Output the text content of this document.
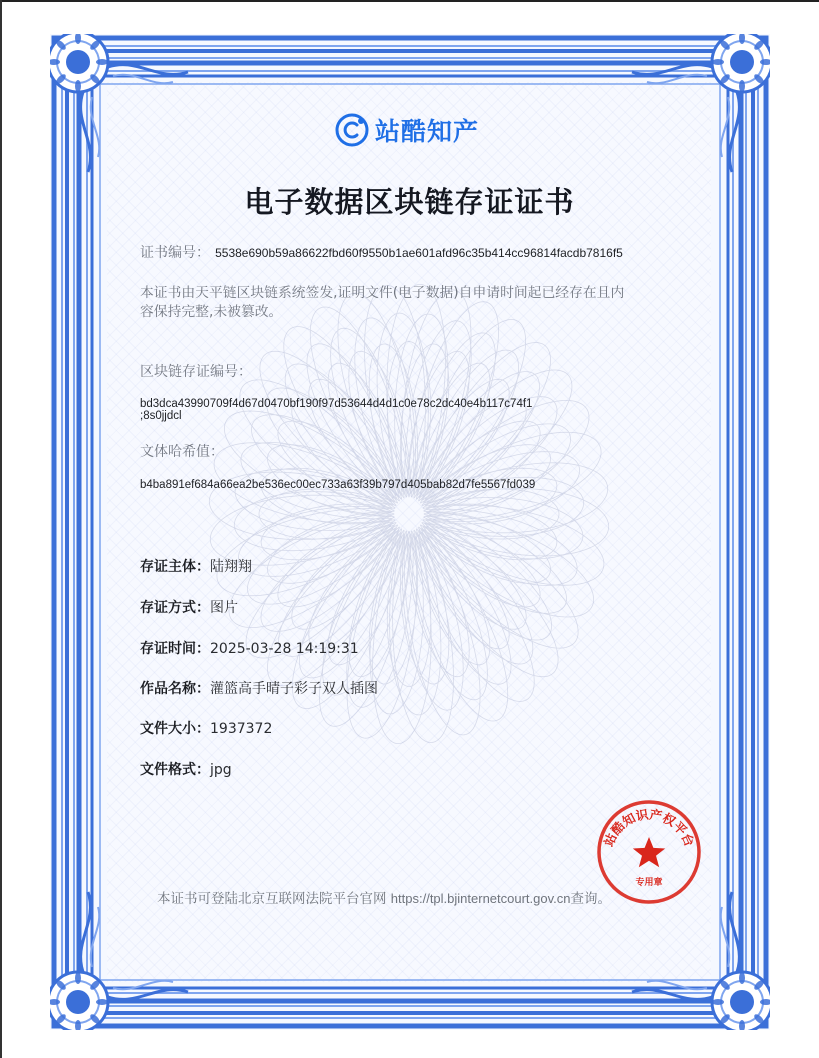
站酷知产
电子数据区块链存证证书
证书编号： 5538e690b59a86622fbd60f9550b1ae601afd96c35b414cc96814facdb7816f5
本证书由天平链区块链系统签发,证明文件(电子数据)自申请时间起已经存在且内
容保持完整,未被篡改。
区块链存证编号：
bd3dca43990709f4d67d0470bf190f97d53644d4d1c0e78c2dc40e4b117c74f1
;8s0jjdcl
文体哈希值：
b4ba891ef684a66ea2be536ec00ec733a63f39b797d405bab82d7fe5567fd039
存证主体：陆翔翔
存证方式：图片
存证时间：2025-03-28 14:19:31
作品名称：灌篮高手晴子彩子双人插图
文件大小：1937372
文件格式：jpg
本证书可登陆北京互联网法院平台官网 https://tpl.bjinternetcourt.gov.cn查询。
站酷知识产权平台
专用章
